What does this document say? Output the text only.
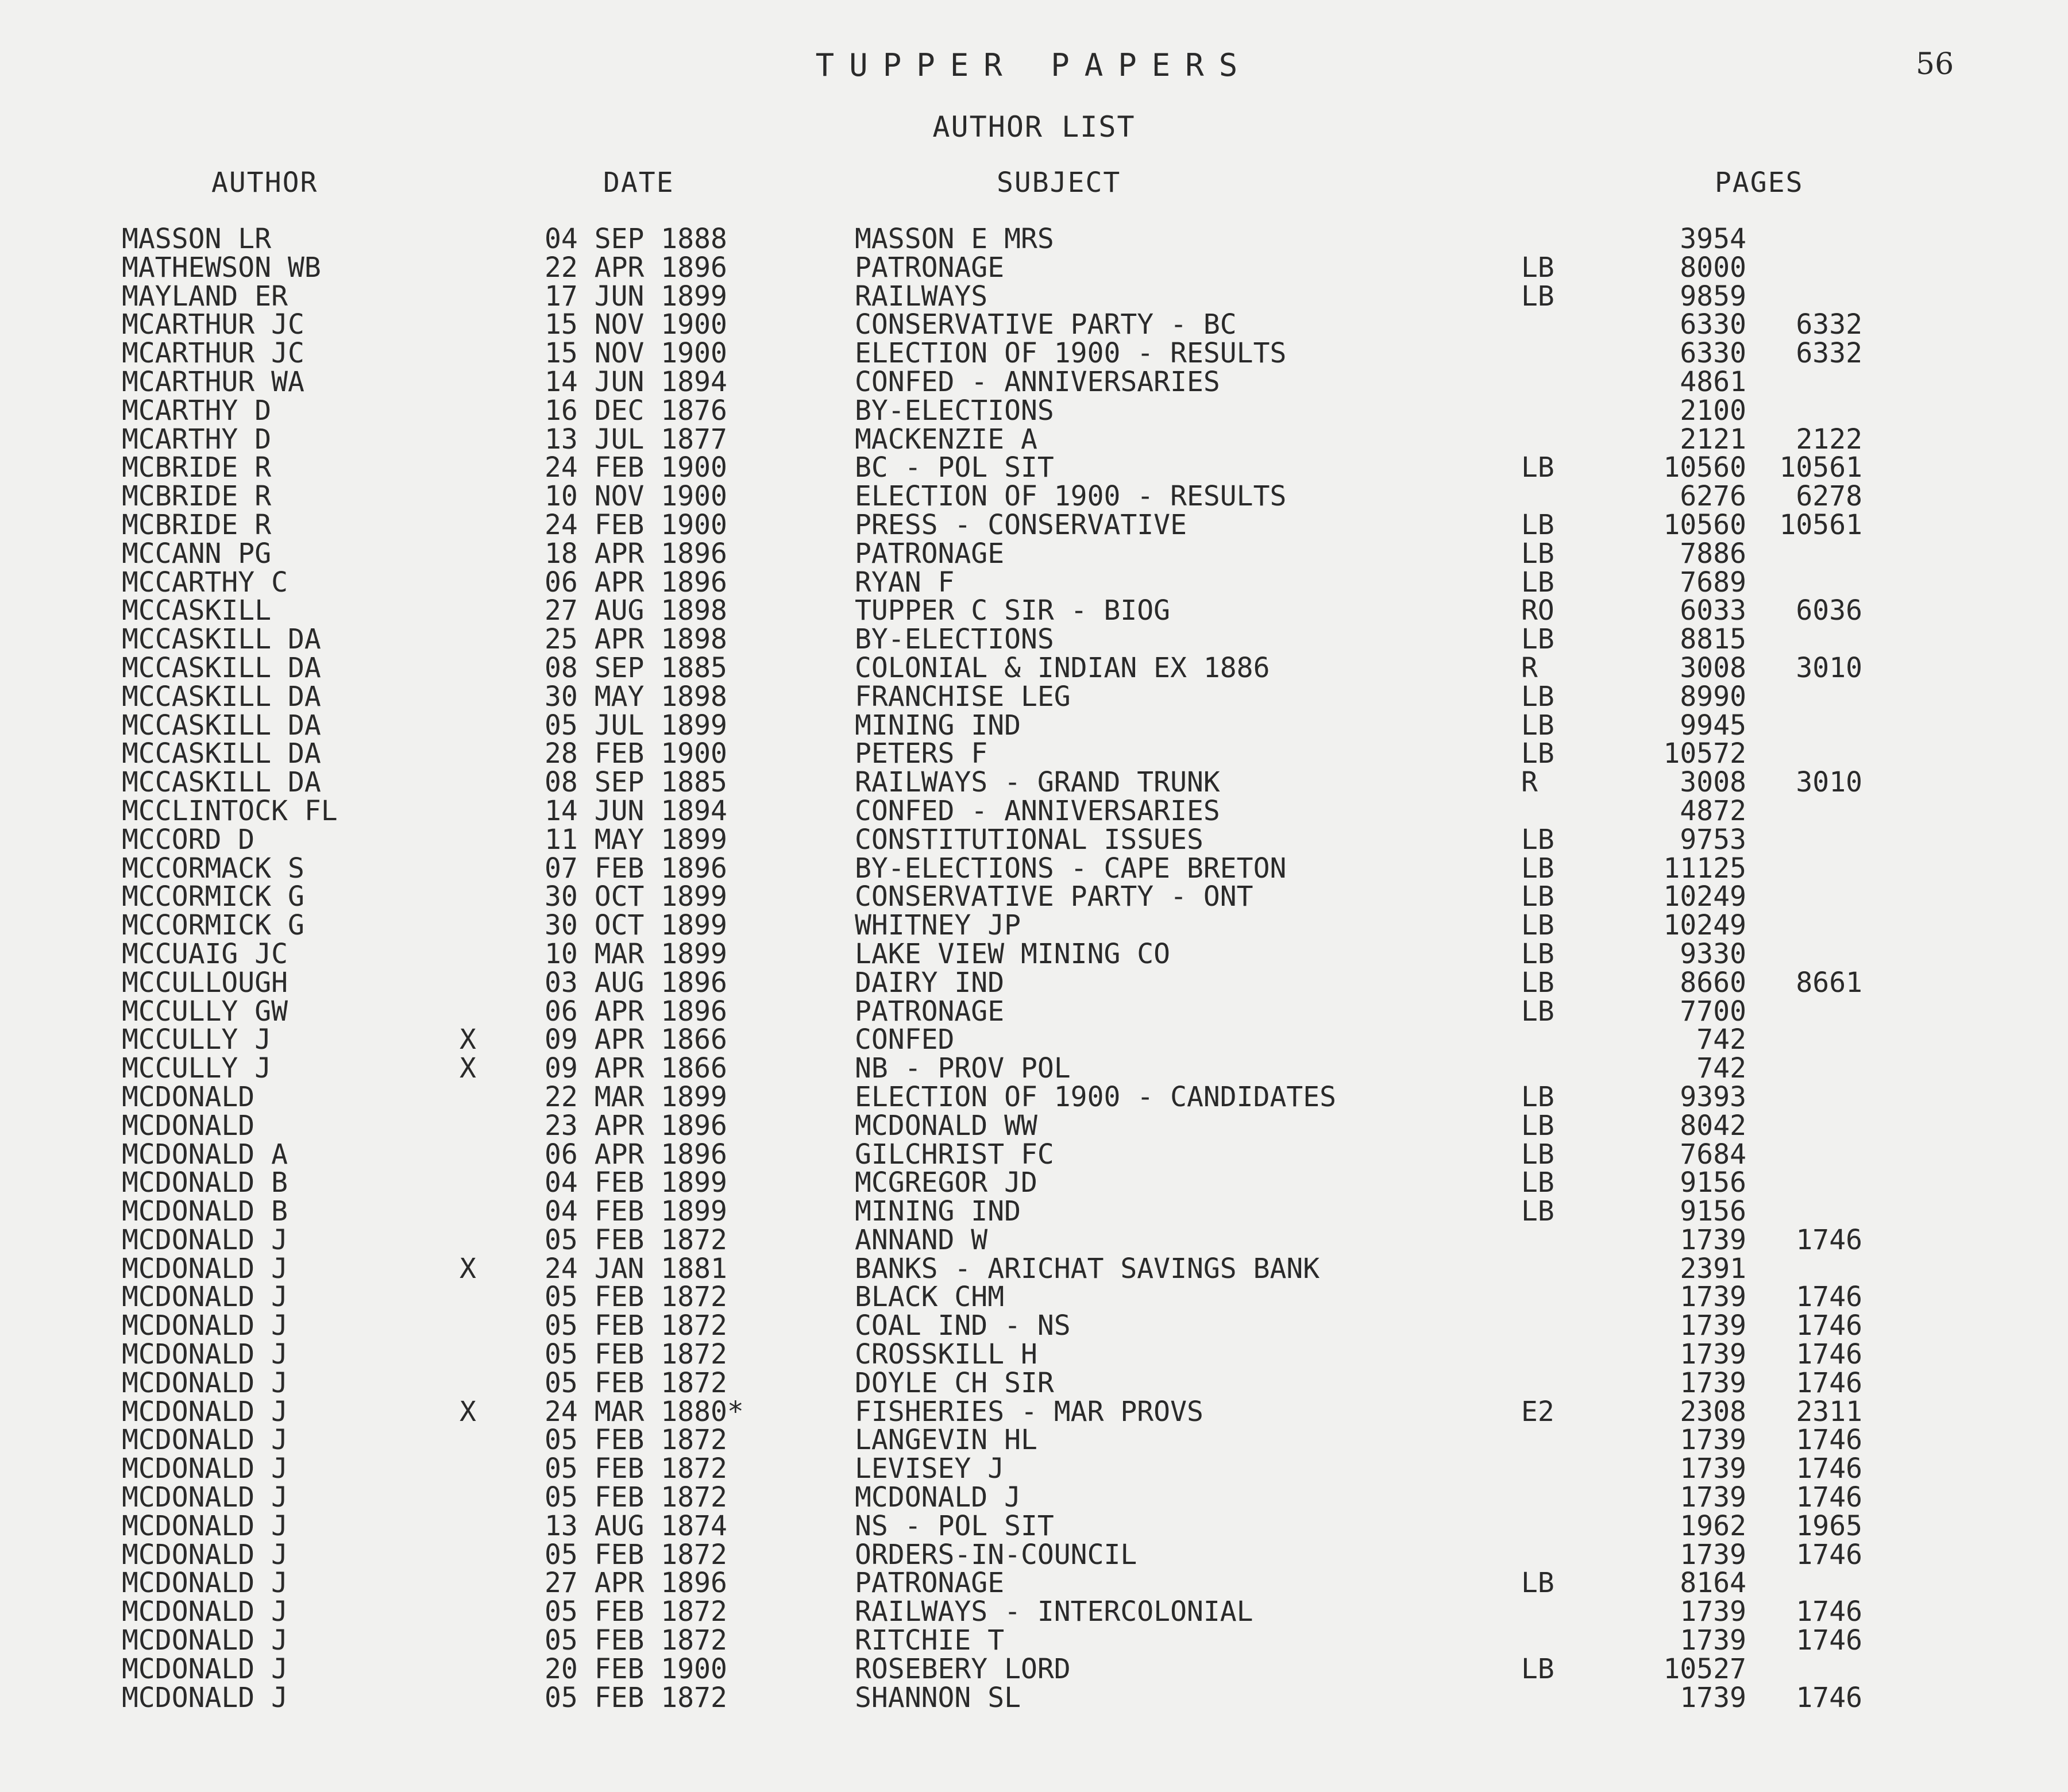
TUPPER PAPERS	56
AUTHOR LIST
AUTHOR	DATE	SUBJECT	PAGES
MASSON LR	04 SEP 1888	MASSON E MRS	3954
MATHEWSON WB	22 APR 1896	PATRONAGE	LB	8000
MAYLAND ER	17 JUN 1899	RAILWAYS	LB	9859
MCARTHUR JC	15 NOV 1900	CONSERVATIVE PARTY - BC	6330 6332
MCARTHUR JC	15 NOV 1900	ELECTION OF 1900 - RESULTS	6330 6332
MCARTHUR WA	14 JUN 1894	CONFED - ANNIVERSARIES	4861
MCARTHY D	16 DEC 1876	BY-ELECTIONS	2100
MCARTHY D	13 JUL 1877	MACKENZIE A	2121 2122
MCBRIDE R	24 FEB 1900	BC - POL SIT	LB	10560 10561
MCBRIDE R	10 NOV 1900	ELECTION OF 1900 - RESULTS	6276 6278
MCBRIDE R	24 FEB 1900	PRESS - CONSERVATIVE	LB	10560 10561
MCCANN PG	18 APR 1896	PATRONAGE	LB	7886
MCCARTHY C	06 APR 1896	RYAN F	LB	7689
MCCASKILL	27 AUG 1898	TUPPER C SIR - BIOG	RO	6033 6036
MCCASKILL DA	25 APR 1898	BY-ELECTIONS	LB	8815
MCCASKILL DA	08 SEP 1885	COLONIAL & INDIAN EX 1886	R	3008 3010
MCCASKILL DA	30 MAY 1898	FRANCHISE LEG	LB	8990
MCCASKILL DA	05 JUL 1899	MINING IND	LB	9945
MCCASKILL DA	28 FEB 1900	PETERS F	LB	10572
MCCASKILL DA	08 SEP 1885	RAILWAYS - GRAND TRUNK	R	3008 3010
MCCLINTOCK FL	14 JUN 1894	CONFED - ANNIVERSARIES	4872
MCCORD D	11 MAY 1899	CONSTITUTIONAL ISSUES	LB	9753
MCCORMACK S	07 FEB 1896	BY-ELECTIONS - CAPE BRETON	LB	11125
MCCORMICK G	30 OCT 1899	CONSERVATIVE PARTY - ONT	LB	10249
MCCORMICK G	30 OCT 1899	WHITNEY JP	LB	10249
MCCUAIG JC	10 MAR 1899	LAKE VIEW MINING CO	LB	9330
MCCULLOUGH	03 AUG 1896	DAIRY IND	LB	8660 8661
MCCULLY GW	06 APR 1896	PATRONAGE	LB	7700
MCCULLY J	X 09 APR 1866	CONFED	742
MCCULLY J	X 09 APR 1866	NB - PROV POL	742
MCDONALD	22 MAR 1899	ELECTION OF 1900 - CANDIDATES	LB	9393
MCDONALD	23 APR 1896	MCDONALD WW	LB	8042
MCDONALD A	06 APR 1896	GILCHRIST FC	LB	7684
MCDONALD B	04 FEB 1899	MCGREGOR JD	LB	9156
MCDONALD B	04 FEB 1899	MINING IND	LB	9156
MCDONALD J	05 FEB 1872	ANNAND W	1739 1746
MCDONALD J	X 24 JAN 1881	BANKS - ARICHAT SAVINGS BANK	2391
MCDONALD J	05 FEB 1872	BLACK CHM	1739 1746
MCDONALD J	05 FEB 1872	COAL IND - NS	1739 1746
MCDONALD J	05 FEB 1872	CROSSKILL H	1739 1746
MCDONALD J	05 FEB 1872	DOYLE CH SIR	1739 1746
MCDONALD J	X 24 MAR 1880*	FISHERIES - MAR PROVS	E2	2308 2311
MCDONALD J	05 FEB 1872	LANGEVIN HL	1739 1746
MCDONALD J	05 FEB 1872	LEVISEY J	1739 1746
MCDONALD J	05 FEB 1872	MCDONALD J	1739 1746
MCDONALD J	13 AUG 1874	NS - POL SIT	1962 1965
MCDONALD J	05 FEB 1872	ORDERS-IN-COUNCIL	1739 1746
MCDONALD J	27 APR 1896	PATRONAGE	LB	8164
MCDONALD J	05 FEB 1872	RAILWAYS - INTERCOLONIAL	1739 1746
MCDONALD J	05 FEB 1872	RITCHIE T	1739 1746
MCDONALD J	20 FEB 1900	ROSEBERY LORD	LB	10527
MCDONALD J	05 FEB 1872	SHANNON SL	1739 1746
